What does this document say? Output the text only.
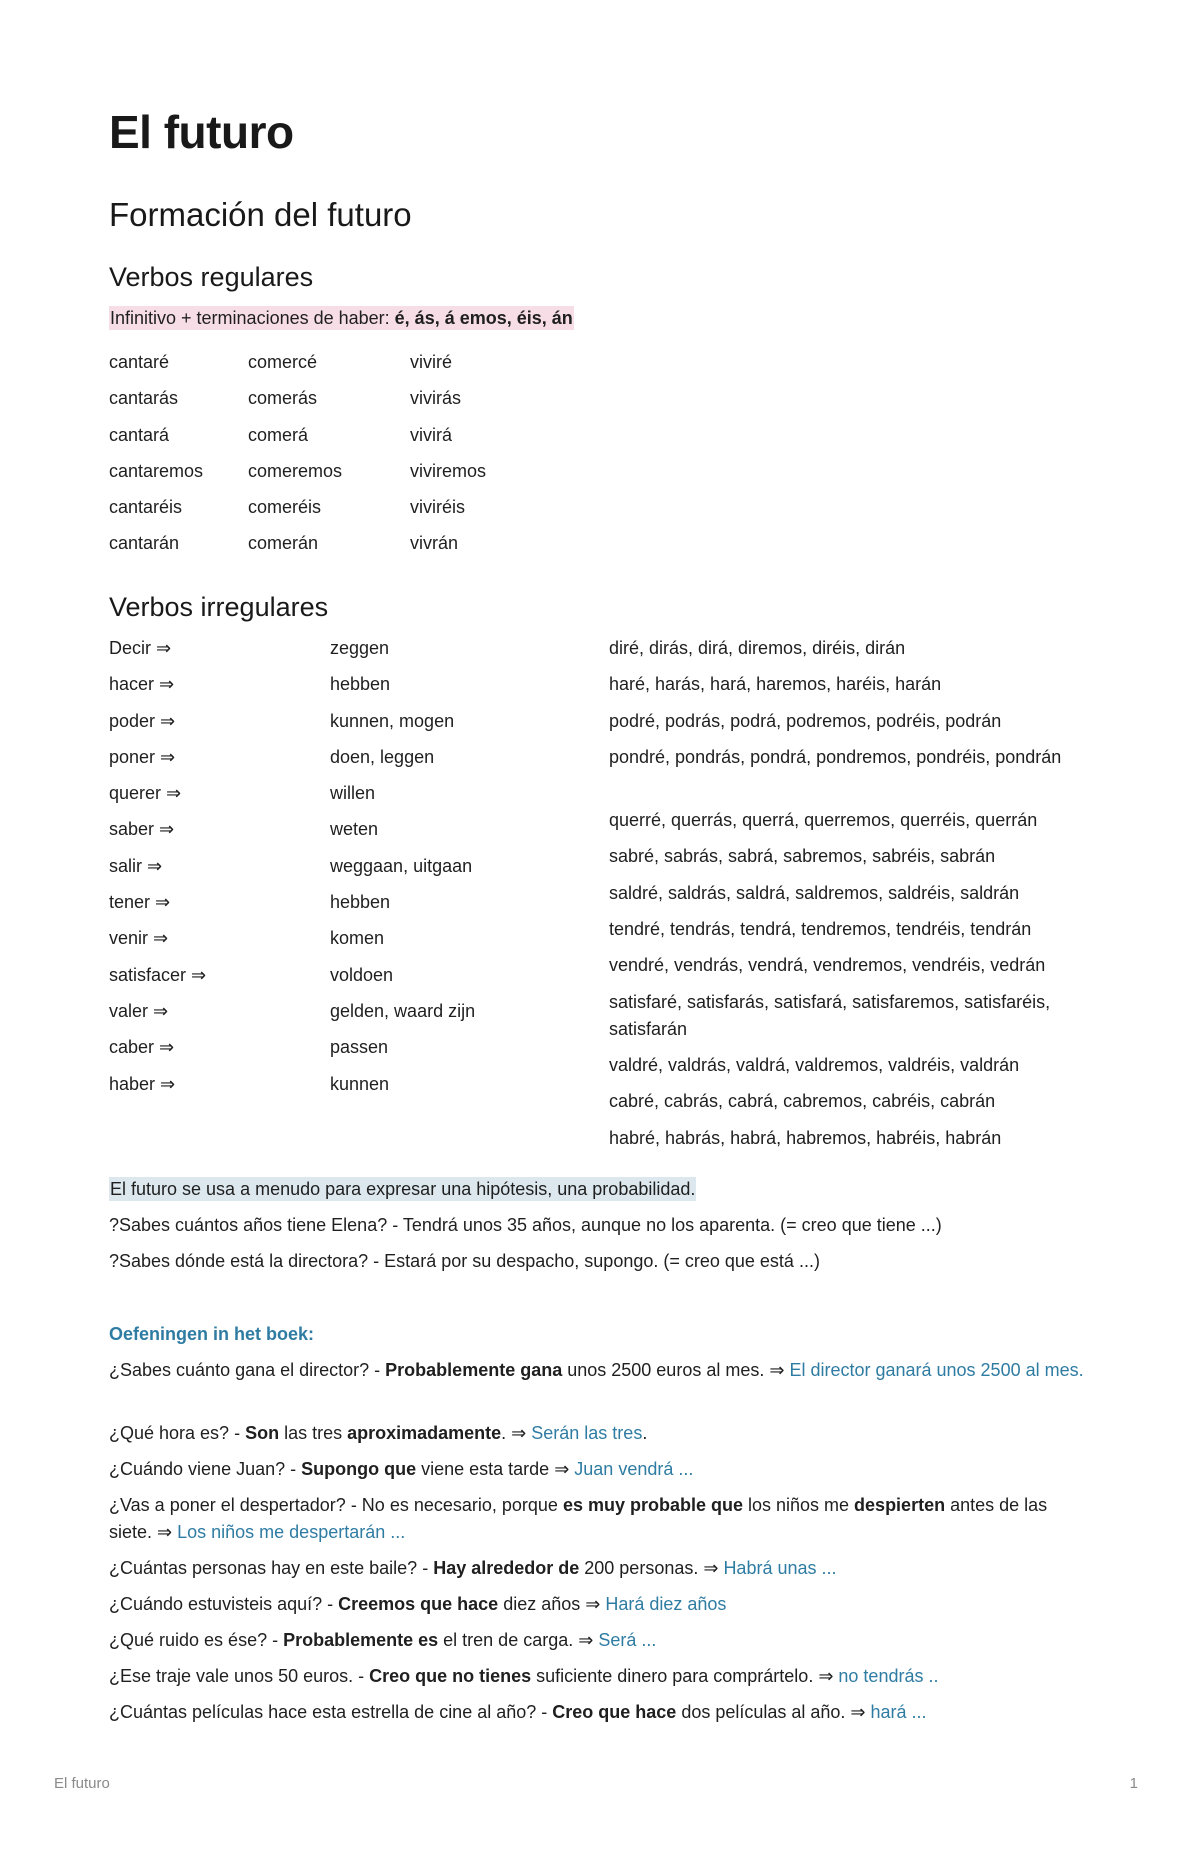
El futuro
Formación del futuro
Verbos regulares
Infinitivo + terminaciones de haber: é, ás, á emos, éis, án
cantaré
cantarás
cantará
cantaremos
cantaréis
cantarán
comercé
comerás
comerá
comeremos
comeréis
comerán
viviré
vivirás
vivirá
viviremos
viviréis
vivrán
Verbos irregulares
Decir ⇒
hacer ⇒
poder ⇒
poner ⇒
querer ⇒
saber ⇒
salir ⇒
tener ⇒
venir ⇒
satisfacer ⇒
valer ⇒
caber ⇒
haber ⇒
zeggen
hebben
kunnen, mogen
doen, leggen
willen
weten
weggaan, uitgaan
hebben
komen
voldoen
gelden, waard zijn
passen
kunnen
diré, dirás, dirá, diremos, diréis, dirán
haré, harás, hará, haremos, haréis, harán
podré, podrás, podrá, podremos, podréis, podrán
pondré, pondrás, pondrá, pondremos, pondréis, pondrán
querré, querrás, querrá, querremos, querréis, querrán
sabré, sabrás, sabrá, sabremos, sabréis, sabrán
saldré, saldrás, saldrá, saldremos, saldréis, saldrán
tendré, tendrás, tendrá, tendremos, tendréis, tendrán
vendré, vendrás, vendrá, vendremos, vendréis, vedrán
satisfaré, satisfarás, satisfará, satisfaremos, satisfaréis, satisfarán
valdré, valdrás, valdrá, valdremos, valdréis, valdrán
cabré, cabrás, cabrá, cabremos, cabréis, cabrán
habré, habrás, habrá, habremos, habréis, habrán
El futuro se usa a menudo para expresar una hipótesis, una probabilidad.
?Sabes cuántos años tiene Elena? - Tendrá unos 35 años, aunque no los aparenta. (= creo que tiene ...)
?Sabes dónde está la directora? - Estará por su despacho, supongo. (= creo que está ...)
Oefeningen in het boek:
¿Sabes cuánto gana el director? - Probablemente gana unos 2500 euros al mes. ⇒ El director ganará unos 2500 al mes.
¿Qué hora es? - Son las tres aproximadamente. ⇒ Serán las tres.
¿Cuándo viene Juan? - Supongo que viene esta tarde ⇒ Juan vendrá ...
¿Vas a poner el despertador? - No es necesario, porque es muy probable que los niños me despierten antes de las siete. ⇒ Los niños me despertarán ...
¿Cuántas personas hay en este baile? - Hay alrededor de 200 personas. ⇒ Habrá unas ...
¿Cuándo estuvisteis aquí? - Creemos que hace diez años ⇒ Hará diez años
¿Qué ruido es ése? - Probablemente es el tren de carga. ⇒ Será ...
¿Ese traje vale unos 50 euros. - Creo que no tienes suficiente dinero para comprártelo. ⇒ no tendrás ..
¿Cuántas películas hace esta estrella de cine al año? - Creo que hace dos películas al año. ⇒ hará ...
El futuro	1
